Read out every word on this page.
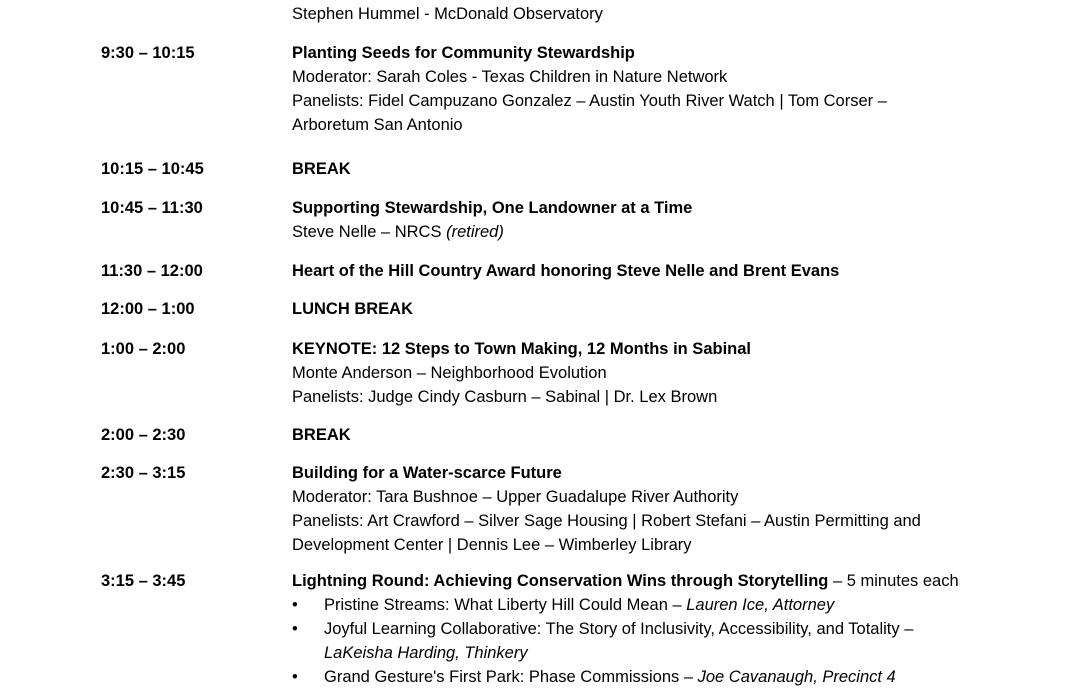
Stephen Hummel - McDonald Observatory
9:30 – 10:15	Planting Seeds for Community Stewardship
Moderator: Sarah Coles - Texas Children in Nature Network
Panelists: Fidel Campuzano Gonzalez – Austin Youth River Watch | Tom Corser –
Arboretum San Antonio
10:15 – 10:45	BREAK
10:45 – 11:30	Supporting Stewardship, One Landowner at a Time
Steve Nelle – NRCS (retired)
11:30 – 12:00	Heart of the Hill Country Award honoring Steve Nelle and Brent Evans
12:00 – 1:00	LUNCH BREAK
1:00 – 2:00	KEYNOTE: 12 Steps to Town Making, 12 Months in Sabinal
Monte Anderson – Neighborhood Evolution
Panelists: Judge Cindy Casburn – Sabinal | Dr. Lex Brown
2:00 – 2:30	BREAK
2:30 – 3:15	Building for a Water-scarce Future
Moderator: Tara Bushnoe – Upper Guadalupe River Authority
Panelists: Art Crawford – Silver Sage Housing | Robert Stefani – Austin Permitting and
Development Center | Dennis Lee – Wimberley Library
3:15 – 3:45	Lightning Round: Achieving Conservation Wins through Storytelling – 5 minutes each
• Pristine Streams: What Liberty Hill Could Mean – Lauren Ice, Attorney
• Joyful Learning Collaborative: The Story of Inclusivity, Accessibility, and Totality –
LaKeisha Harding, Thinkery
• Grand Gesture's First Park: Phase Commissions – Joe Cavanaugh, Precinct 4
